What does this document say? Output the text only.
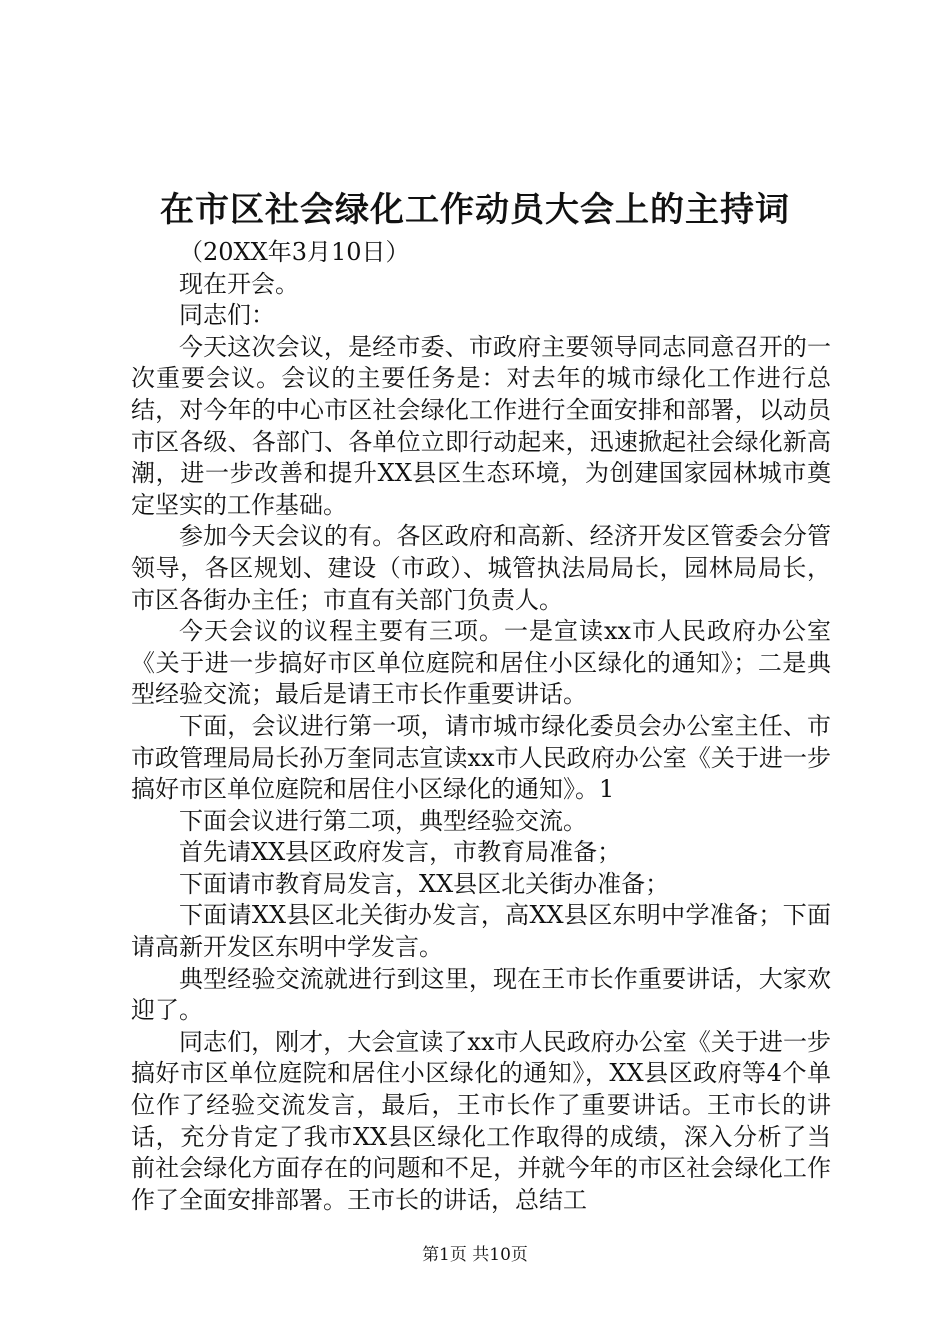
在市区社会绿化工作动员大会上的主持词

（20XX年3月10日）

现在开会。

同志们：

今天这次会议，是经市委、市政府主要领导同志同意召开的一次重要会议。会议的主要任务是：对去年的城市绿化工作进行总结，对今年的中心市区社会绿化工作进行全面安排和部署，以动员市区各级、各部门、各单位立即行动起来，迅速掀起社会绿化新高潮，进一步改善和提升XX县区生态环境，为创建国家园林城市奠定坚实的工作基础。

参加今天会议的有。各区政府和高新、经济开发区管委会分管领导，各区规划、建设（市政）、城管执法局局长，园林局局长，市区各街办主任；市直有关部门负责人。

今天会议的议程主要有三项。一是宣读xx市人民政府办公室《关于进一步搞好市区单位庭院和居住小区绿化的通知》；二是典型经验交流；最后是请王市长作重要讲话。

下面，会议进行第一项，请市城市绿化委员会办公室主任、市市政管理局局长孙万奎同志宣读xx市人民政府办公室《关于进一步搞好市区单位庭院和居住小区绿化的通知》。1

下面会议进行第二项，典型经验交流。

首先请XX县区政府发言，市教育局准备；

下面请市教育局发言，XX县区北关街办准备；

下面请XX县区北关街办发言，高XX县区东明中学准备；下面请高新开发区东明中学发言。

典型经验交流就进行到这里，现在王市长作重要讲话，大家欢迎了。

同志们，刚才，大会宣读了xx市人民政府办公室《关于进一步搞好市区单位庭院和居住小区绿化的通知》，XX县区政府等4个单位作了经验交流发言，最后，王市长作了重要讲话。王市长的讲话，充分肯定了我市XX县区绿化工作取得的成绩，深入分析了当前社会绿化方面存在的问题和不足，并就今年的市区社会绿化工作作了全面安排部署。王市长的讲话，总结工

第1页 共10页
